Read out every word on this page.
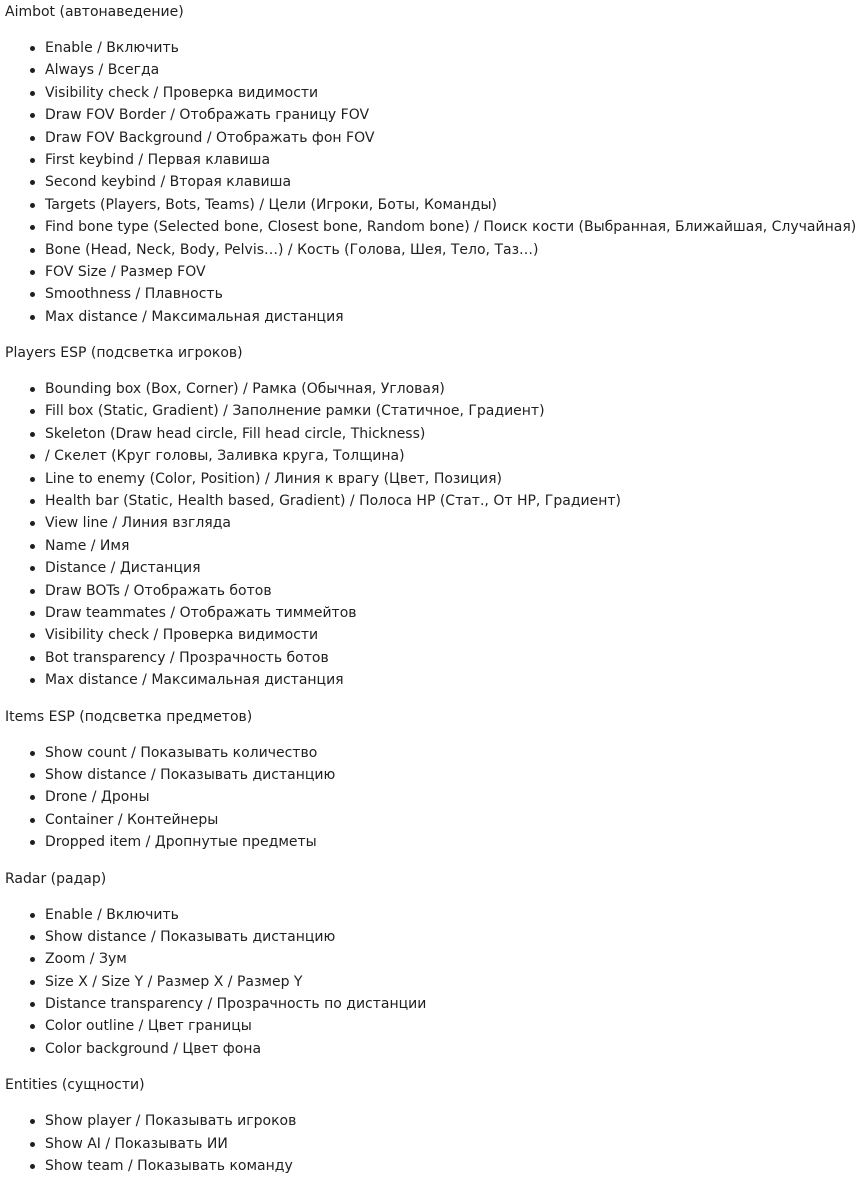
Aimbot (автонаведение)

Enable / Включить
Always / Всегда
Visibility check / Проверка видимости
Draw FOV Border / Отображать границу FOV
Draw FOV Background / Отображать фон FOV
First keybind / Первая клавиша
Second keybind / Вторая клавиша
Targets (Players, Bots, Teams) / Цели (Игроки, Боты, Команды)
Find bone type (Selected bone, Closest bone, Random bone) / Поиск кости (Выбранная, Ближайшая, Случайная)
Bone (Head, Neck, Body, Pelvis…) / Кость (Голова, Шея, Тело, Таз…)
FOV Size / Размер FOV
Smoothness / Плавность
Max distance / Максимальная дистанция

Players ESP (подсветка игроков)

Bounding box (Box, Corner) / Рамка (Обычная, Угловая)
Fill box (Static, Gradient) / Заполнение рамки (Статичное, Градиент)
Skeleton (Draw head circle, Fill head circle, Thickness)
/ Скелет (Круг головы, Заливка круга, Толщина)
Line to enemy (Color, Position) / Линия к врагу (Цвет, Позиция)
Health bar (Static, Health based, Gradient) / Полоса HP (Стат., От HP, Градиент)
View line / Линия взгляда
Name / Имя
Distance / Дистанция
Draw BOTs / Отображать ботов
Draw teammates / Отображать тиммейтов
Visibility check / Проверка видимости
Bot transparency / Прозрачность ботов
Max distance / Максимальная дистанция

Items ESP (подсветка предметов)

Show count / Показывать количество
Show distance / Показывать дистанцию
Drone / Дроны
Container / Контейнеры
Dropped item / Дропнутые предметы

Radar (радар)

Enable / Включить
Show distance / Показывать дистанцию
Zoom / Зум
Size X / Size Y / Размер X / Размер Y
Distance transparency / Прозрачность по дистанции
Color outline / Цвет границы
Color background / Цвет фона

Entities (сущности)

Show player / Показывать игроков
Show AI / Показывать ИИ
Show team / Показывать команду
